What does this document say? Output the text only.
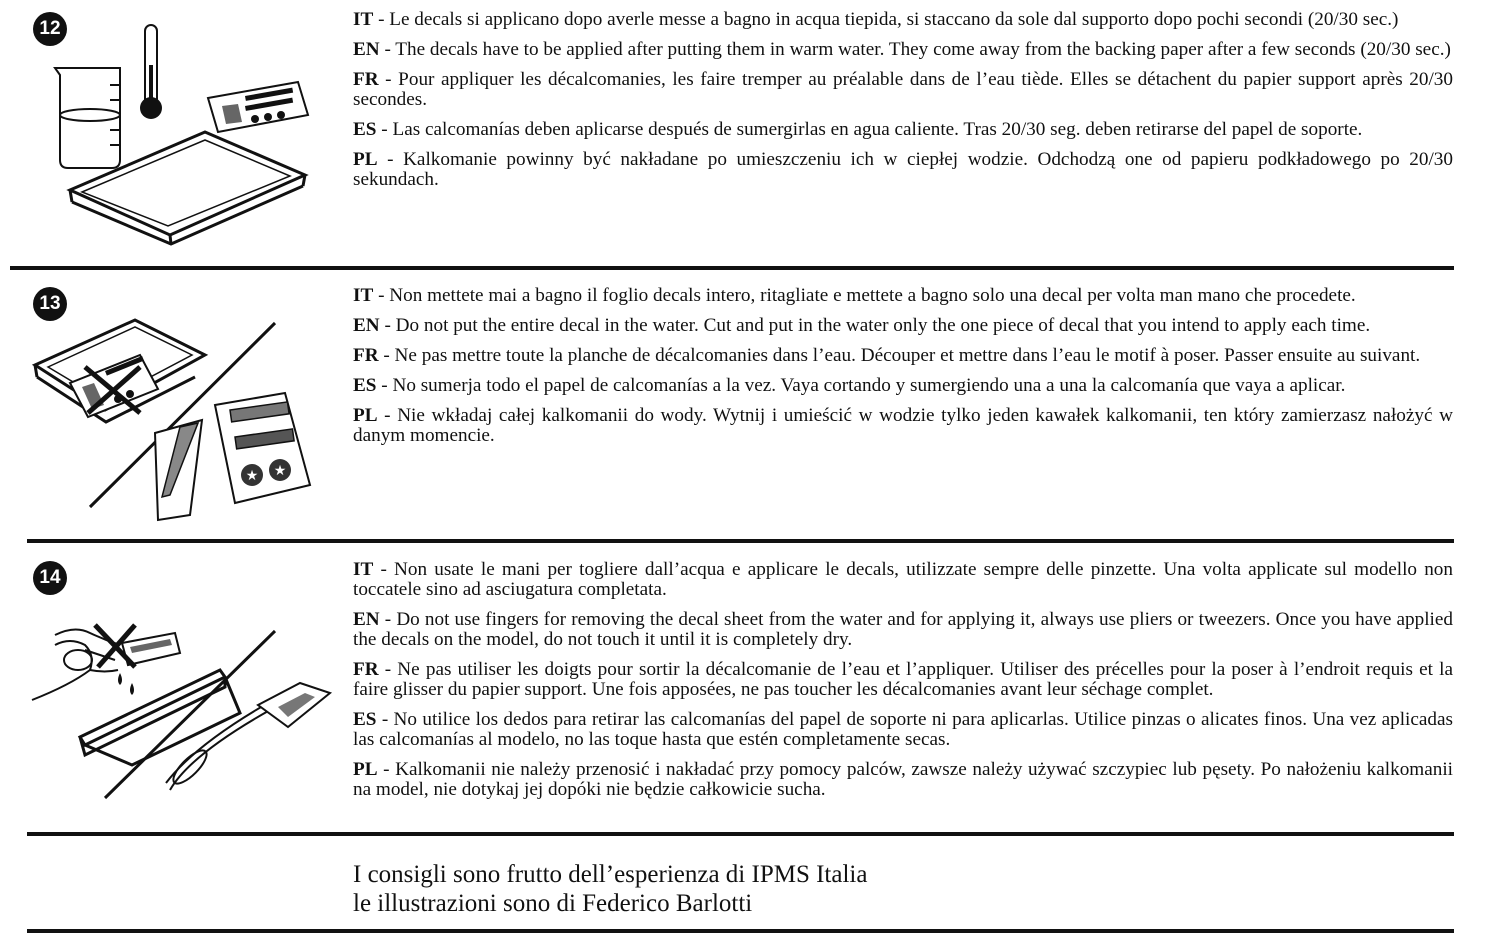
12	IT - Le decals si applicano dopo averle messe a bagno in acqua tiepida, si staccano da sole dal supporto dopo pochi secondi (20/30 sec.)

EN - The decals have to be applied after putting them in warm water. They come away from the backing paper after a few seconds (20/30 sec.)

FR - Pour appliquer les décalcomanies, les faire tremper au préalable dans de l’eau tiède. Elles se détachent du papier support après 20/30 secondes.

ES - Las calcomanías deben aplicarse después de sumergirlas en agua caliente. Tras 20/30 seg. deben retirarse del papel de soporte.

PL - Kalkomanie powinny być nakładane po umieszczeniu ich w ciepłej wodzie. Odchodzą one od papieru podkładowego po 20/30 sekundach.

13
★ ★

IT - Non mettete mai a bagno il foglio decals intero, ritagliate e mettete a bagno solo una decal per volta man mano che procedete.

EN - Do not put the entire decal in the water. Cut and put in the water only the one piece of decal that you intend to apply each time.

FR - Ne pas mettre toute la planche de décalcomanies dans l’eau. Découper et mettre dans l’eau le motif à poser. Passer ensuite au suivant.

ES - No sumerja todo el papel de calcomanías a la vez. Vaya cortando y sumergiendo una a una la calcomanía que vaya a aplicar.

PL - Nie wkładaj całej kalkomanii do wody. Wytnij i umieścić w wodzie tylko jeden kawałek kalkomanii, ten który zamierzasz nałożyć w danym momencie.

14	IT - Non usate le mani per togliere dall’acqua e applicare le decals, utilizzate sempre delle pinzette. Una volta applicate sul modello non toccatele sino ad asciugatura completata.

EN - Do not use fingers for removing the decal sheet from the water and for applying it, always use pliers or tweezers. Once you have applied the decals on the model, do not touch it until it is completely dry.

FR - Ne pas utiliser les doigts pour sortir la décalcomanie de l’eau et l’appliquer. Utiliser des précelles pour la poser à l’endroit requis et la faire glisser du papier support. Une fois apposées, ne pas toucher les décalcomanies avant leur séchage complet.

ES - No utilice los dedos para retirar las calcomanías del papel de soporte ni para aplicarlas. Utilice pinzas o alicates finos. Una vez aplicadas las calcomanías al modelo, no las toque hasta que estén completamente secas.

PL - Kalkomanii nie należy przenosić i nakładać przy pomocy palców, zawsze należy używać szczypiec lub pęsety. Po nałożeniu kalkomanii na model, nie dotykaj jej dopóki nie będzie całkowicie sucha.

I consigli sono frutto dell’esperienza di IPMS Italia
le illustrazioni sono di Federico Barlotti
